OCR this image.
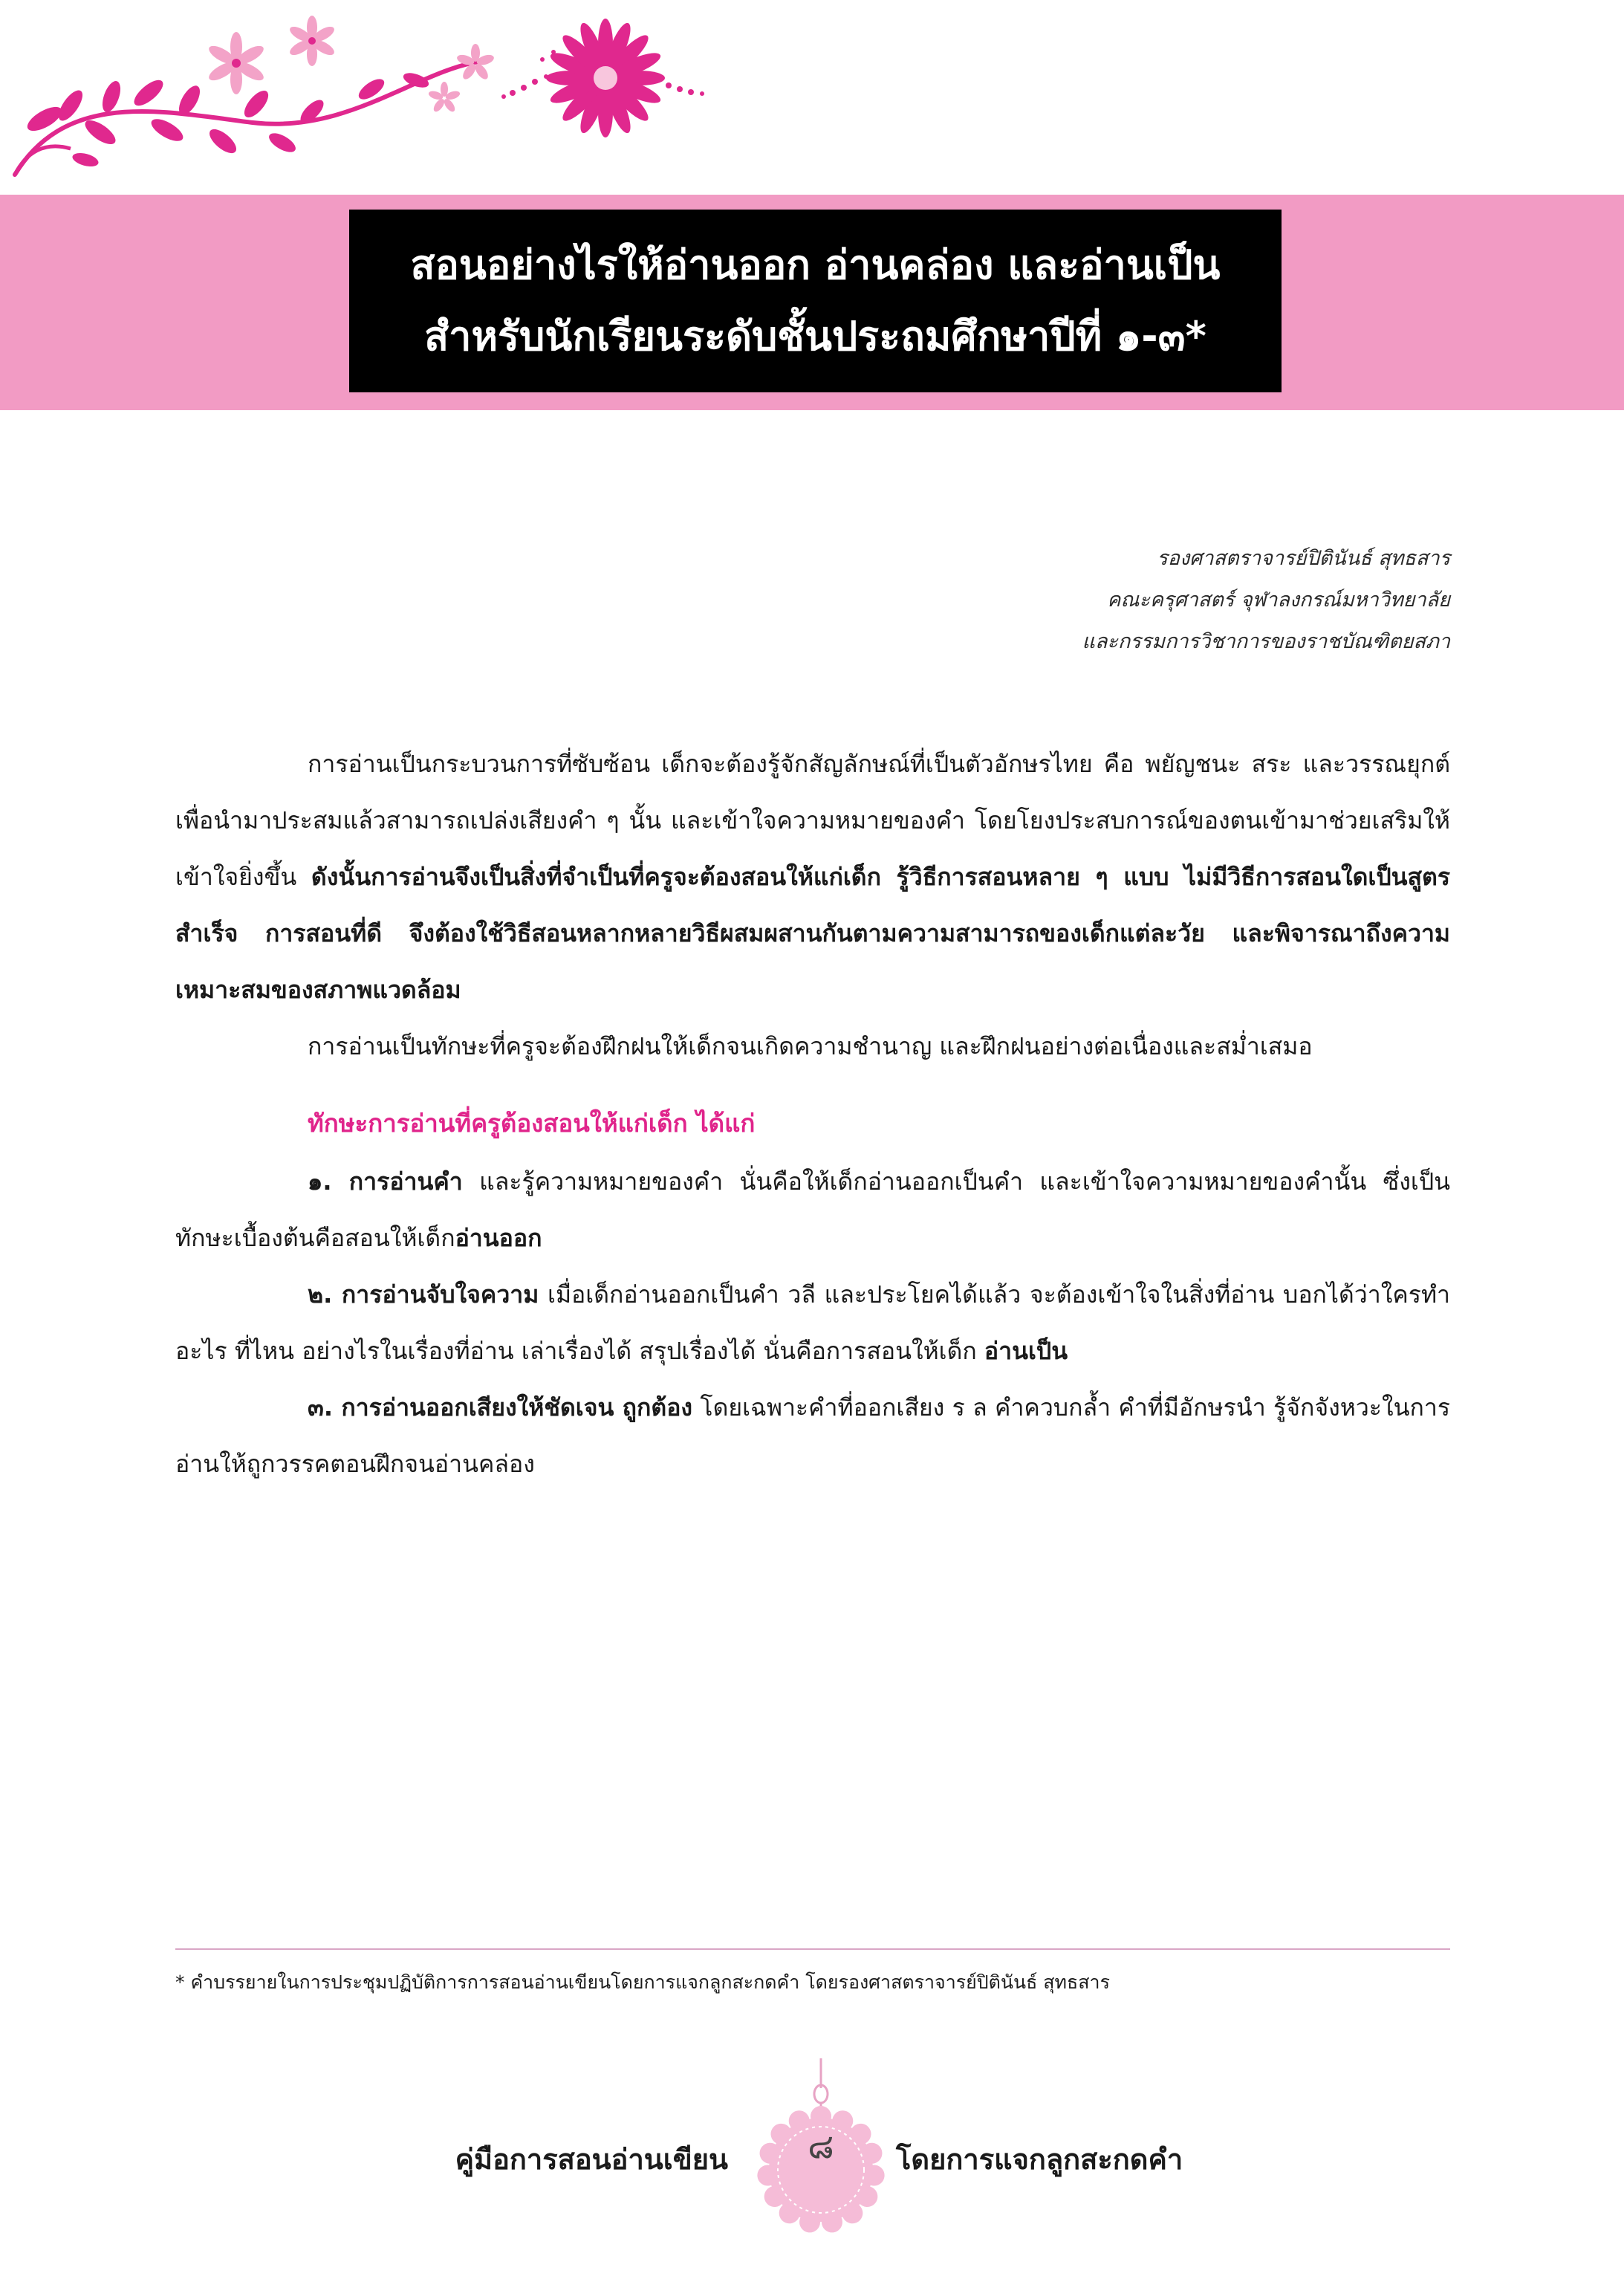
สอนอย่างไรให้อ่านออก อ่านคล่อง และอ่านเป็น
สำหรับนักเรียนระดับชั้นประถมศึกษาปีที่ ๑-๓*
รองศาสตราจารย์ปิตินันธ์ สุทธสาร
คณะครุศาสตร์ จุฬาลงกรณ์มหาวิทยาลัย
และกรรมการวิชาการของราชบัณฑิตยสภา

การอ่านเป็นกระบวนการที่ซับซ้อน เด็กจะต้องรู้จักสัญลักษณ์ที่เป็นตัวอักษรไทย คือ พยัญชนะ สระ และวรรณยุกต์ เพื่อนำมาประสมแล้วสามารถเปล่งเสียงคำ ๆ นั้น และเข้าใจความหมายของคำ โดยโยงประสบการณ์ของตนเข้ามาช่วยเสริมให้เข้าใจยิ่งขึ้น ดังนั้นการอ่านจึงเป็นสิ่งที่จำเป็นที่ครูจะต้องสอนให้แก่เด็ก รู้วิธีการสอนหลาย ๆ แบบ ไม่มีวิธีการสอนใดเป็นสูตรสำเร็จ การสอนที่ดี จึงต้องใช้วิธีสอนหลากหลายวิธีผสมผสานกันตามความสามารถของเด็กแต่ละวัย และพิจารณาถึงความเหมาะสมของสภาพแวดล้อม

การอ่านเป็นทักษะที่ครูจะต้องฝึกฝนให้เด็กจนเกิดความชำนาญ และฝึกฝนอย่างต่อเนื่องและสม่ำเสมอ

ทักษะการอ่านที่ครูต้องสอนให้แก่เด็ก ได้แก่

๑. การอ่านคำ และรู้ความหมายของคำ นั่นคือให้เด็กอ่านออกเป็นคำ และเข้าใจความหมายของคำนั้น ซึ่งเป็นทักษะเบื้องต้นคือสอนให้เด็กอ่านออก

๒. การอ่านจับใจความ เมื่อเด็กอ่านออกเป็นคำ วลี และประโยคได้แล้ว จะต้องเข้าใจในสิ่งที่อ่าน บอกได้ว่าใครทำอะไร ที่ไหน อย่างไรในเรื่องที่อ่าน เล่าเรื่องได้ สรุปเรื่องได้ นั่นคือการสอนให้เด็ก อ่านเป็น

๓. การอ่านออกเสียงให้ชัดเจน ถูกต้อง โดยเฉพาะคำที่ออกเสียง ร ล คำควบกล้ำ คำที่มีอักษรนำ รู้จักจังหวะในการอ่านให้ถูกวรรคตอนฝึกจนอ่านคล่อง

* คำบรรยายในการประชุมปฏิบัติการการสอนอ่านเขียนโดยการแจกลูกสะกดคำ โดยรองศาสตราจารย์ปิตินันธ์ สุทธสาร
คู่มือการสอนอ่านเขียน	๘	โดยการแจกลูกสะกดคำ
